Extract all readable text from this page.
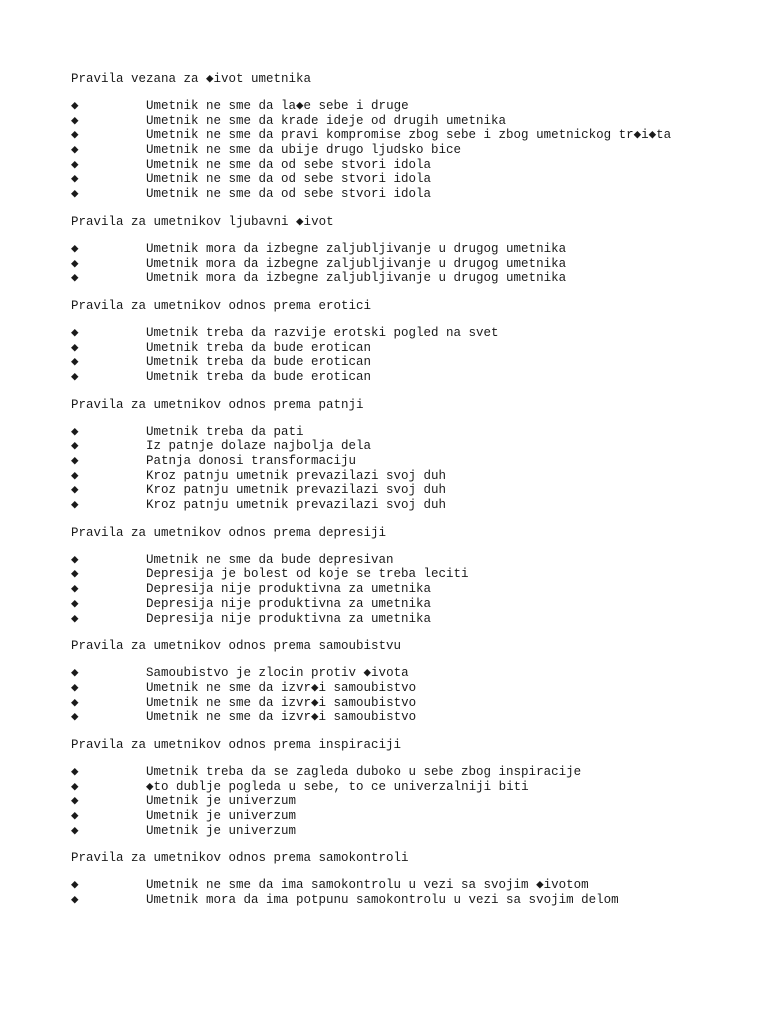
Pravila vezana za ◆ivot umetnika
◆	Umetnik ne sme da la◆e sebe i druge
◆	Umetnik ne sme da krade ideje od drugih umetnika
◆	Umetnik ne sme da pravi kompromise zbog sebe i zbog umetnickog tr◆i◆ta
◆	Umetnik ne sme da ubije drugo ljudsko bice
◆	Umetnik ne sme da od sebe stvori idola
◆	Umetnik ne sme da od sebe stvori idola
◆	Umetnik ne sme da od sebe stvori idola
Pravila za umetnikov ljubavni ◆ivot
◆	Umetnik mora da izbegne zaljubljivanje u drugog umetnika
◆	Umetnik mora da izbegne zaljubljivanje u drugog umetnika
◆	Umetnik mora da izbegne zaljubljivanje u drugog umetnika
Pravila za umetnikov odnos prema erotici
◆	Umetnik treba da razvije erotski pogled na svet
◆	Umetnik treba da bude erotican
◆	Umetnik treba da bude erotican
◆	Umetnik treba da bude erotican
Pravila za umetnikov odnos prema patnji
◆	Umetnik treba da pati
◆	Iz patnje dolaze najbolja dela
◆	Patnja donosi transformaciju
◆	Kroz patnju umetnik prevazilazi svoj duh
◆	Kroz patnju umetnik prevazilazi svoj duh
◆	Kroz patnju umetnik prevazilazi svoj duh
Pravila za umetnikov odnos prema depresiji
◆	Umetnik ne sme da bude depresivan
◆	Depresija je bolest od koje se treba leciti
◆	Depresija nije produktivna za umetnika
◆	Depresija nije produktivna za umetnika
◆	Depresija nije produktivna za umetnika
Pravila za umetnikov odnos prema samoubistvu
◆	Samoubistvo je zlocin protiv ◆ivota
◆	Umetnik ne sme da izvr◆i samoubistvo
◆	Umetnik ne sme da izvr◆i samoubistvo
◆	Umetnik ne sme da izvr◆i samoubistvo
Pravila za umetnikov odnos prema inspiraciji
◆	Umetnik treba da se zagleda duboko u sebe zbog inspiracije
◆	◆to dublje pogleda u sebe, to ce univerzalniji biti
◆	Umetnik je univerzum
◆	Umetnik je univerzum
◆	Umetnik je univerzum
Pravila za umetnikov odnos prema samokontroli
◆	Umetnik ne sme da ima samokontrolu u vezi sa svojim ◆ivotom
◆	Umetnik mora da ima potpunu samokontrolu u vezi sa svojim delom
